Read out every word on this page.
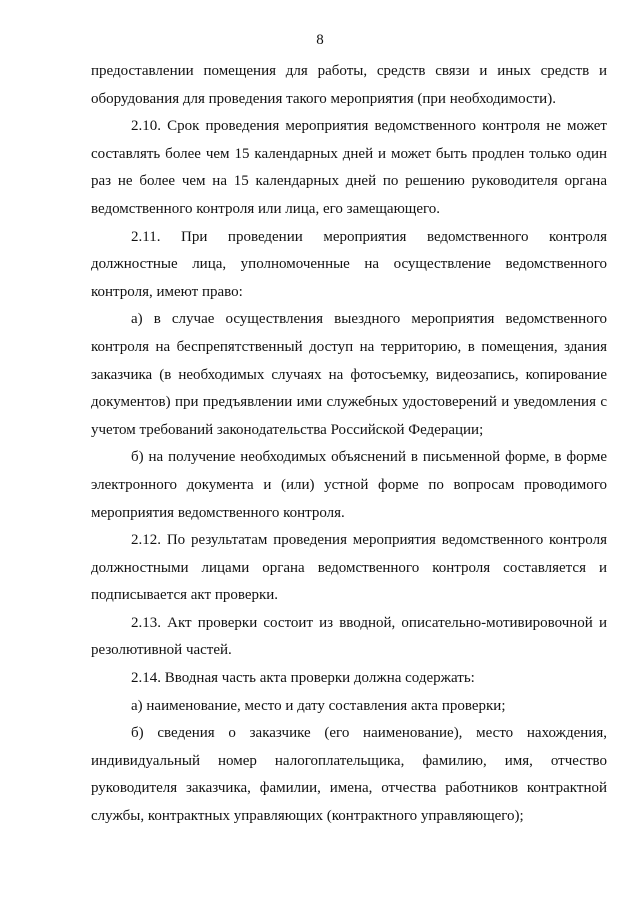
8

предоставлении помещения для работы, средств связи и иных средств и оборудования для проведения такого мероприятия (при необходимости).

2.10. Срок проведения мероприятия ведомственного контроля не может составлять более чем 15 календарных дней и может быть продлен только один раз не более чем на 15 календарных дней по решению руководителя органа ведомственного контроля или лица, его замещающего.

2.11. При проведении мероприятия ведомственного контроля должностные лица, уполномоченные на осуществление ведомственного контроля, имеют право:

а) в случае осуществления выездного мероприятия ведомственного контроля на беспрепятственный доступ на территорию, в помещения, здания заказчика (в необходимых случаях на фотосъемку, видеозапись, копирование документов) при предъявлении ими служебных удостоверений и уведомления с учетом требований законодательства Российской Федерации;

б) на получение необходимых объяснений в письменной форме, в форме электронного документа и (или) устной форме по вопросам проводимого мероприятия ведомственного контроля.

2.12. По результатам проведения мероприятия ведомственного контроля должностными лицами органа ведомственного контроля составляется и подписывается акт проверки.

2.13. Акт проверки состоит из вводной, описательно-мотивировочной и резолютивной частей.

2.14. Вводная часть акта проверки должна содержать:

а) наименование, место и дату составления акта проверки;

б) сведения о заказчике (его наименование), место нахождения, индивидуальный номер налогоплательщика, фамилию, имя, отчество руководителя заказчика, фамилии, имена, отчества работников контрактной службы, контрактных управляющих (контрактного управляющего);
